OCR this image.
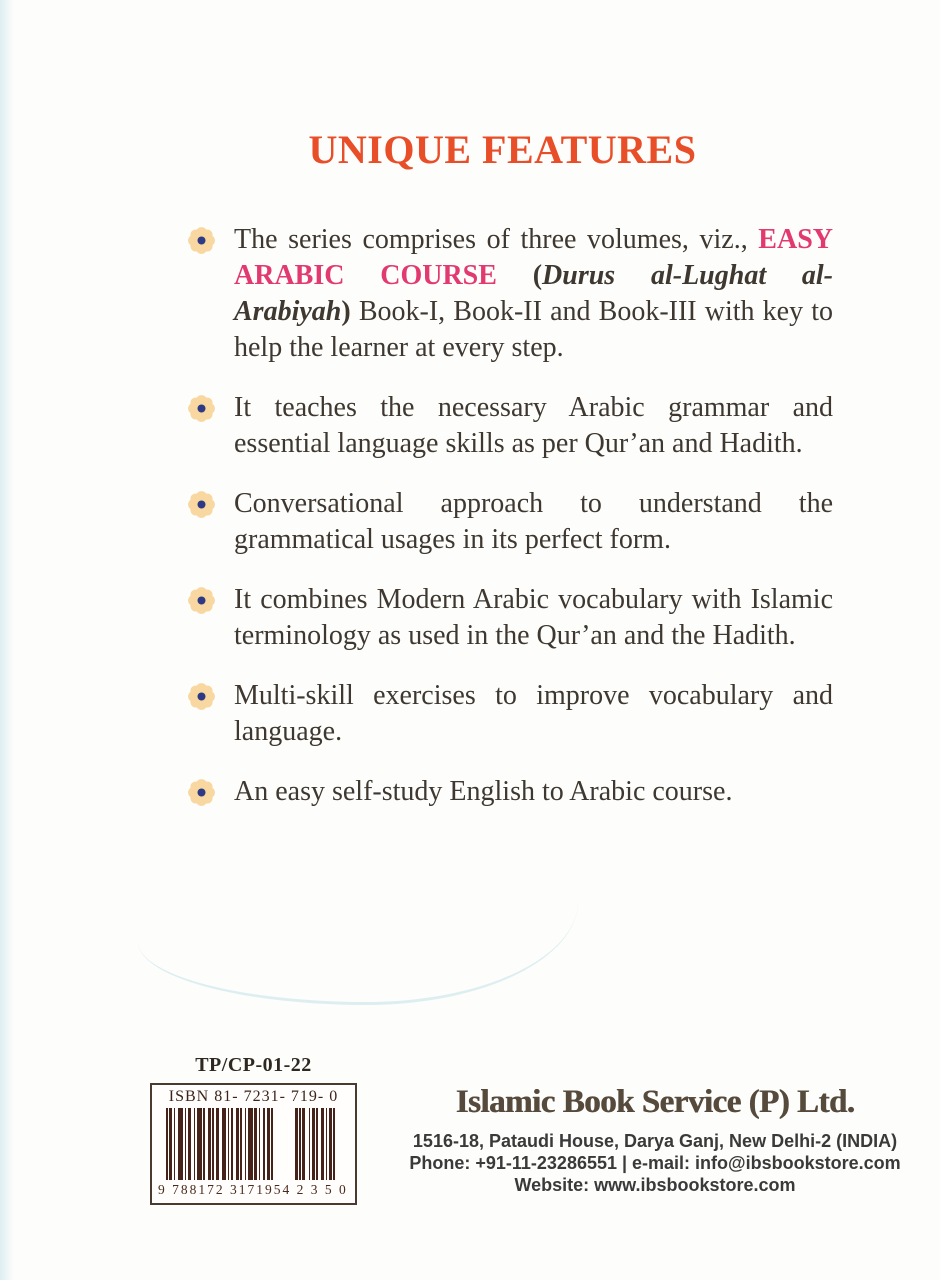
UNIQUE FEATURES
The series comprises of three volumes, viz., EASY ARABIC COURSE (Durus al-Lughat al-Arabiyah) Book-I, Book-II and Book-III with key to help the learner at every step.
It teaches the necessary Arabic grammar and essential language skills as per Qur’an and Hadith.
Conversational approach to understand the grammatical usages in its perfect form.
It combines Modern Arabic vocabulary with Islamic terminology as used in the Qur’an and the Hadith.
Multi-skill exercises to improve vocabulary and language.
An easy self-study English to Arabic course.
TP/CP-01-22
ISBN 81- 7231- 719- 0
9 788172 317195 4 2 3 5 0
Islamic Book Service (P) Ltd.
1516-18, Pataudi House, Darya Ganj, New Delhi-2 (INDIA)
Phone: +91-11-23286551 | e-mail: info@ibsbookstore.com
Website: www.ibsbookstore.com
